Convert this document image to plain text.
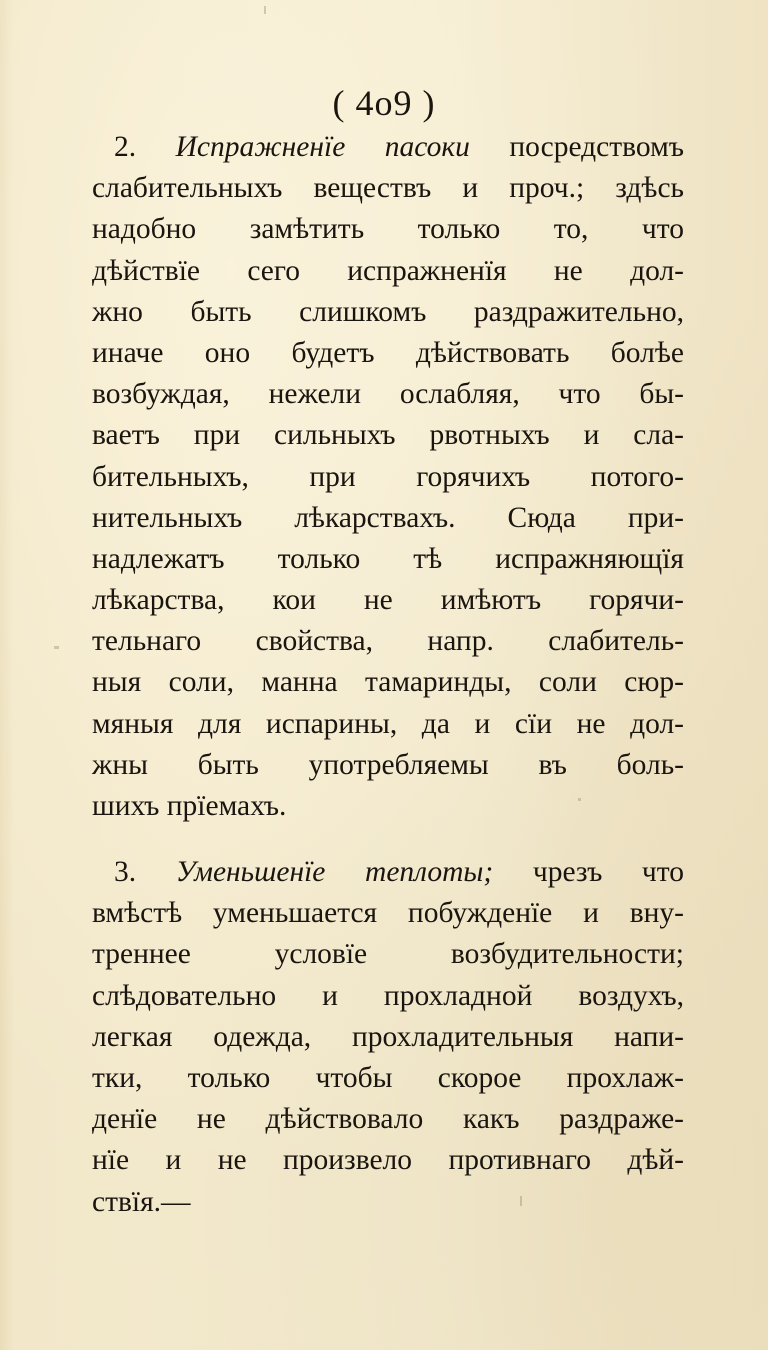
( 4o9 )
2. Испражненïе пасоки посредствомъ
слабительныхъ веществъ и проч.; здѣсь
надобно замѣтить только то, что
дѣйствïе сего испражненïя не дол-
жно быть слишкомъ раздражительно,
иначе оно будетъ дѣйствовать болѣе
возбуждая, нежели ослабляя, что бы-
ваетъ при сильныхъ рвотныхъ и сла-
бительныхъ, при горячихъ потого-
нительныхъ лѣкарствахъ. Сюда при-
надлежатъ только тѣ испражняющïя
лѣкарства, кои не имѣютъ горячи-
тельнаго свойства, напр. слабитель-
ныя соли, манна тамаринды, соли сюр-
мяныя для испарины, да и сïи не дол-
жны быть употребляемы въ боль-
шихъ прïемахъ.
3. Уменьшенïе теплоты; чрезъ что
вмѣстѣ уменьшается побужденïе и вну-
треннее условïе возбудительности;
слѣдовательно и прохладной воздухъ,
легкая одежда, прохладительныя напи-
тки, только чтобы скорое прохлаж-
денïе не дѣйствовало какъ раздраже-
нïе и не произвело противнаго дѣй-
ствïя.—
